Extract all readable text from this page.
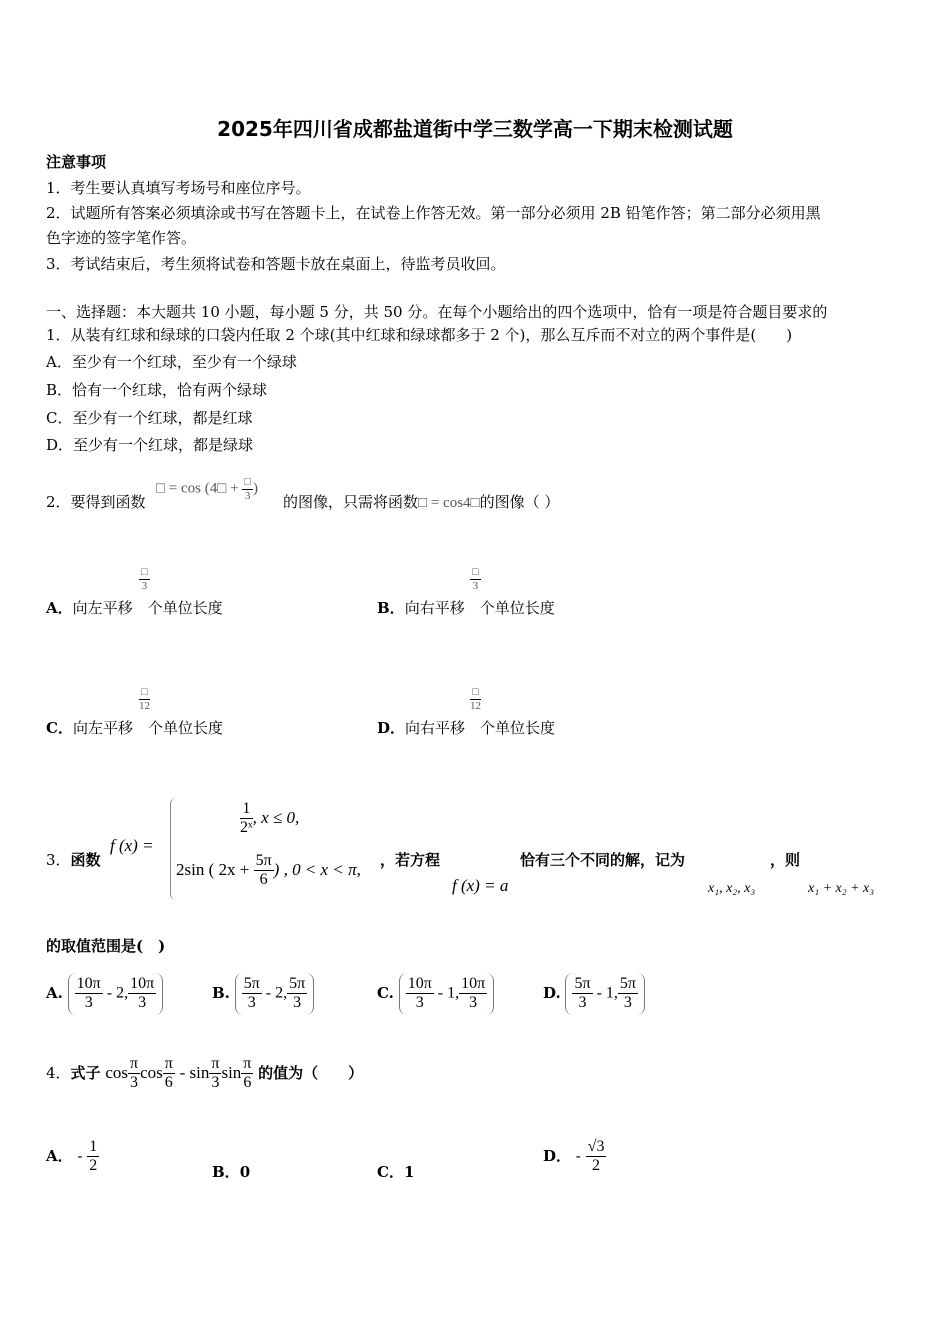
2025年四川省成都盐道街中学三数学高一下期末检测试题
注意事项
1．考生要认真填写考场号和座位序号。
2．试题所有答案必须填涂或书写在答题卡上，在试卷上作答无效。第一部分必须用 2B 铅笔作答；第二部分必须用黑
色字迹的签字笔作答。
3．考试结束后，考生须将试卷和答题卡放在桌面上，待监考员收回。
一、选择题：本大题共 10 小题，每小题 5 分，共 50 分。在每个小题给出的四个选项中，恰有一项是符合题目要求的
1．从装有红球和绿球的口袋内任取 2 个球(其中红球和绿球都多于 2 个)，那么互斥而不对立的两个事件是(　　)
A．至少有一个红球，至少有一个绿球
B．恰有一个红球，恰有两个绿球
C．至少有一个红球，都是红球
D．至少有一个红球，都是绿球
2．要得到函数
□ = cos (4□ + $\frac{□}{3}$ )
的图像，只需将函数□ = cos4□的图像（ ）
A．向左平移　 个单位长度
□
3
B．向右平移　 个单位长度
□
3
C．向左平移　 个单位长度
□
12
D．向右平移　 个单位长度
□
12
3．函数
f (x) =
$\frac{1}{\text{2ˣ}}$ , x ≤ 0,
2sin ( $2x + \frac{5\pi}{6}$ ) , 0 < x < π, ，若方程	恰有三个不同的解，记为	，则
f (x) = a	x₁, x₂, x₃	x₁ + x₂ + x₃
的取值范围是(　)
A. $\frac{10\pi}{3} - 2$, $\frac{10\pi}{3}$	B. $\frac{5\pi}{3} - 2$, $\frac{5\pi}{3}$	C. $\frac{10\pi}{3} - 1$, $\frac{10\pi}{3}$	D. $\frac{5\pi}{3} - 1$, $\frac{5\pi}{3}$
4．式子 $\cos \frac{\pi}{3}$ $\cos \frac{\pi}{6}$ - $\sin \frac{\pi}{3}$ $\sin \frac{\pi}{6}$ 的值为（　　）
A． - $\frac{1}{2}$	B．0	C．1
D． - $\frac{√3}{2}$
